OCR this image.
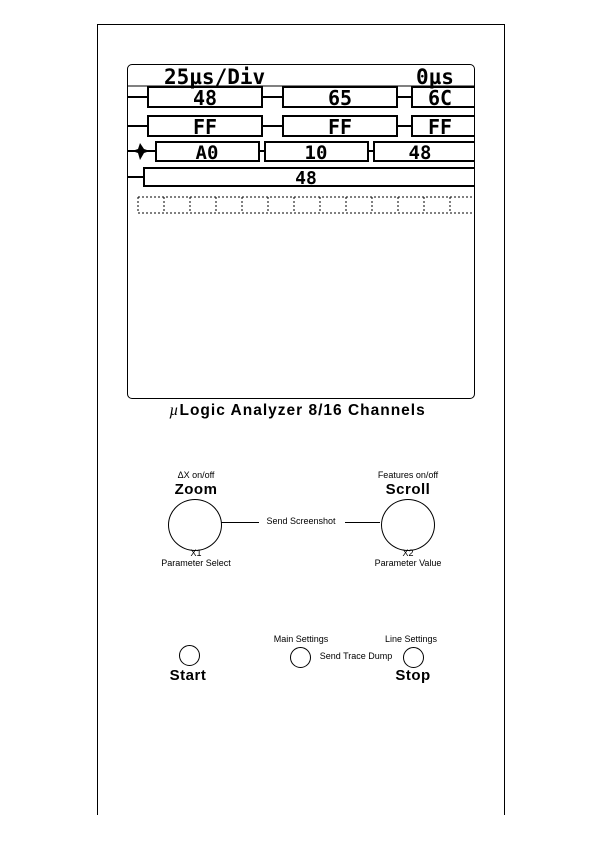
25µs/Div	0µs
48	65	6C
FF	FF	FF
A0	10	48
48
µLogic Analyzer 8/16 Channels
ΔX on/off
Zoom
X1
Parameter Select
Send Screenshot
Features on/off
Scroll
X2
Parameter Value
Main Settings	Line Settings
Start
Send Trace Dump
Stop
